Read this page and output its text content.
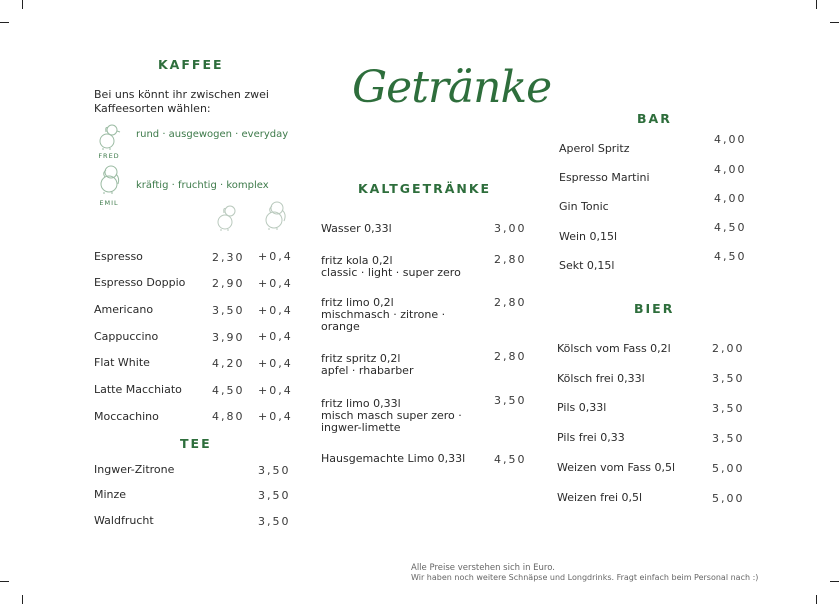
Getränke
KAFFEE
Bei uns könnt ihr zwischen zwei
Kaffeesorten wählen:
FRED
rund · ausgewogen · everyday
EMIL
kräftig · fruchtig · komplex
Espresso	2,30 +0,4
Espresso Doppio 2,90 +0,4
Americano	3,50 +0,4
Cappuccino	3,90 +0,4
Flat White	4,20 +0,4
Latte Macchiato	4,50 +0,4
Moccachino	4,80 +0,4
TEE
Ingwer-Zitrone	3,50
Minze	3,50
Waldfrucht	3,50
KALTGETRÄNKE
Wasser 0,33l	3,00
fritz kola 0,2l
classic · light · super zero
2,80
fritz limo 0,2l
mischmasch · zitrone ·
orange
2,80
fritz spritz 0,2l
apfel · rhabarber
2,80
fritz limo 0,33l
misch masch super zero ·
ingwer-limette
3,50
Hausgemachte Limo 0,33l	4,50
BAR
Aperol Spritz
4,00
Espresso Martini
4,00
Gin Tonic
4,00
Wein 0,15l
4,50
Sekt 0,15l
4,50
BIER
Kölsch vom Fass 0,2l	2,00
Kölsch frei 0,33l	3,50
Pils 0,33l	3,50
Pils frei 0,33	3,50
Weizen vom Fass 0,5l	5,00
Weizen frei 0,5l	5,00
Alle Preise verstehen sich in Euro.
Wir haben noch weitere Schnäpse und Longdrinks. Fragt einfach beim Personal nach :)
